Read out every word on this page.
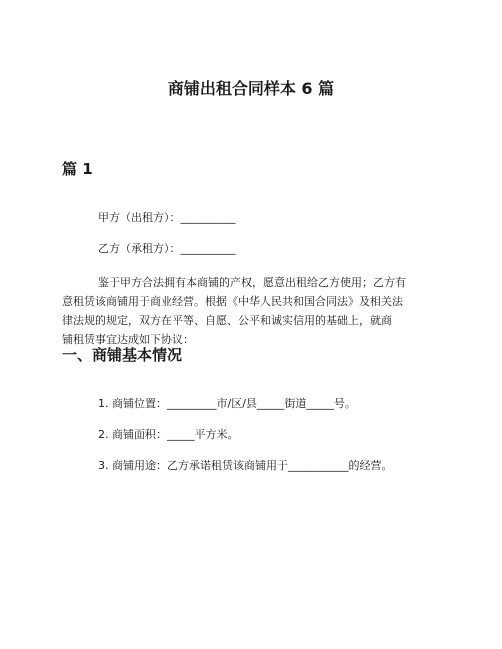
商铺出租合同样本 6 篇
篇 1
甲方（出租方）：__________
乙方（承租方）：__________
鉴于甲方合法拥有本商铺的产权，愿意出租给乙方使用；乙方有
意租赁该商铺用于商业经营。根据《中华人民共和国合同法》及相关法
律法规的规定，双方在平等、自愿、公平和诚实信用的基础上，就商
铺租赁事宜达成如下协议：
一、商铺基本情况
1. 商铺位置：_________市/区/县_____街道_____号。
2. 商铺面积：_____平方米。
3. 商铺用途：乙方承诺租赁该商铺用于___________的经营。
